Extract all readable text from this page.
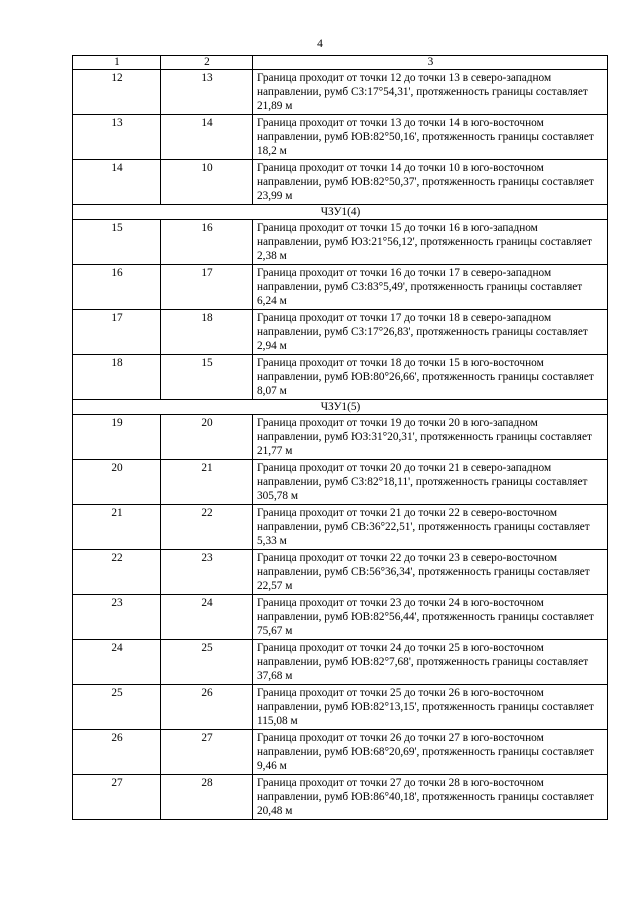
4
1	2	3
12	13	Граница проходит от точки 12 до точки 13 в северо-западном направлении, румб СЗ:17°54,31', протяженность границы составляет 21,89 м
13	14	Граница проходит от точки 13 до точки 14 в юго-восточном направлении, румб ЮВ:82°50,16', протяженность границы составляет 18,2 м
14	10	Граница проходит от точки 14 до точки 10 в юго-восточном направлении, румб ЮВ:82°50,37', протяженность границы составляет 23,99 м
ЧЗУ1(4)		
15	16	Граница проходит от точки 15 до точки 16 в юго-западном направлении, румб ЮЗ:21°56,12', протяженность границы составляет 2,38 м
16	17	Граница проходит от точки 16 до точки 17 в северо-западном направлении, румб СЗ:83°5,49', протяженность границы составляет 6,24 м
17	18	Граница проходит от точки 17 до точки 18 в северо-западном направлении, румб СЗ:17°26,83', протяженность границы составляет 2,94 м
18	15	Граница проходит от точки 18 до точки 15 в юго-восточном направлении, румб ЮВ:80°26,66', протяженность границы составляет 8,07 м
ЧЗУ1(5)		
19	20	Граница проходит от точки 19 до точки 20 в юго-западном направлении, румб ЮЗ:31°20,31', протяженность границы составляет 21,77 м
20	21	Граница проходит от точки 20 до точки 21 в северо-западном направлении, румб СЗ:82°18,11', протяженность границы составляет 305,78 м
21	22	Граница проходит от точки 21 до точки 22 в северо-восточном направлении, румб СВ:36°22,51', протяженность границы составляет 5,33 м
22	23	Граница проходит от точки 22 до точки 23 в северо-восточном направлении, румб СВ:56°36,34', протяженность границы составляет 22,57 м
23	24	Граница проходит от точки 23 до точки 24 в юго-восточном направлении, румб ЮВ:82°56,44', протяженность границы составляет 75,67 м
24	25	Граница проходит от точки 24 до точки 25 в юго-восточном направлении, румб ЮВ:82°7,68', протяженность границы составляет 37,68 м
25	26	Граница проходит от точки 25 до точки 26 в юго-восточном направлении, румб ЮВ:82°13,15', протяженность границы составляет 115,08 м
26	27	Граница проходит от точки 26 до точки 27 в юго-восточном направлении, румб ЮВ:68°20,69', протяженность границы составляет 9,46 м
27	28	Граница проходит от точки 27 до точки 28 в юго-восточном направлении, румб ЮВ:86°40,18', протяженность границы составляет 20,48 м
